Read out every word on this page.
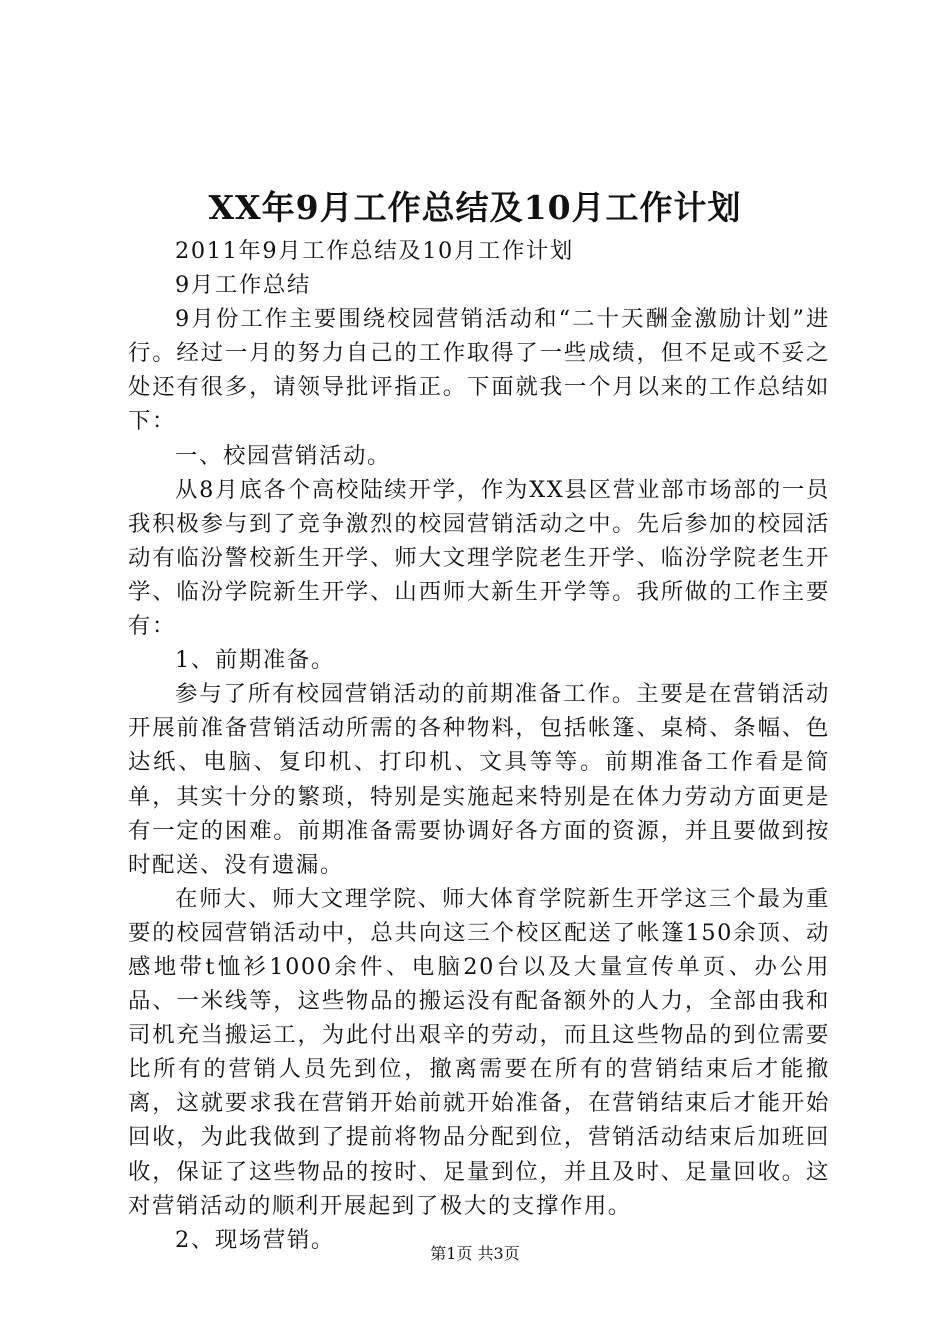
XX年9月工作总结及10月工作计划

2011年9月工作总结及10月工作计划

9月工作总结

9月份工作主要围绕校园营销活动和“二十天酬金激励计划”进行。经过一月的努力自己的工作取得了一些成绩，但不足或不妥之处还有很多，请领导批评指正。下面就我一个月以来的工作总结如下：

一、校园营销活动。

从8月底各个高校陆续开学，作为XX县区营业部市场部的一员我积极参与到了竞争激烈的校园营销活动之中。先后参加的校园活动有临汾警校新生开学、师大文理学院老生开学、临汾学院老生开学、临汾学院新生开学、山西师大新生开学等。我所做的工作主要有：

1、前期准备。

参与了所有校园营销活动的前期准备工作。主要是在营销活动开展前准备营销活动所需的各种物料，包括帐篷、桌椅、条幅、色达纸、电脑、复印机、打印机、文具等等。前期准备工作看是简单，其实十分的繁琐，特别是实施起来特别是在体力劳动方面更是有一定的困难。前期准备需要协调好各方面的资源，并且要做到按时配送、没有遗漏。

在师大、师大文理学院、师大体育学院新生开学这三个最为重要的校园营销活动中，总共向这三个校区配送了帐篷150余顶、动感地带t恤衫1000余件、电脑20台以及大量宣传单页、办公用品、一米线等，这些物品的搬运没有配备额外的人力，全部由我和司机充当搬运工，为此付出艰辛的劳动，而且这些物品的到位需要比所有的营销人员先到位，撤离需要在所有的营销结束后才能撤离，这就要求我在营销开始前就开始准备，在营销结束后才能开始回收，为此我做到了提前将物品分配到位，营销活动结束后加班回收，保证了这些物品的按时、足量到位，并且及时、足量回收。这对营销活动的顺利开展起到了极大的支撑作用。

2、现场营销。

第1页 共3页
